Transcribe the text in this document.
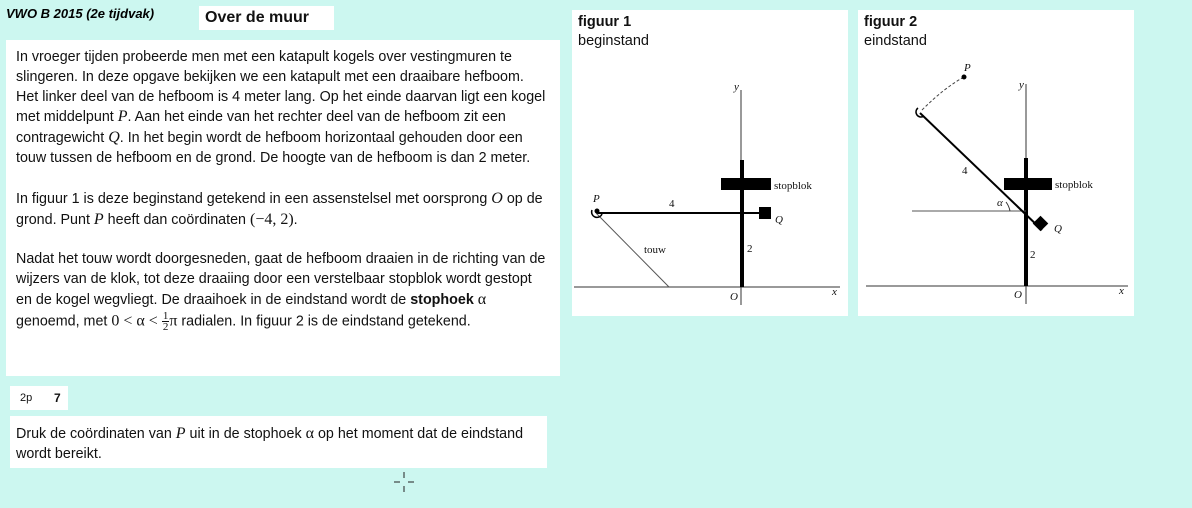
VWO B 2015 (2e tijdvak)	Over de muur

In vroeger tijden probeerde men met een katapult kogels over vestingmuren te slingeren. In deze opgave bekijken we een katapult met een draaibare hefboom. Het linker deel van de hefboom is 4 meter lang. Op het einde daarvan ligt een kogel met middelpunt P. Aan het einde van het rechter deel van de hefboom zit een contragewicht Q. In het begin wordt de hefboom horizontaal gehouden door een touw tussen de hefboom en de grond. De hoogte van de hefboom is dan 2 meter.

In figuur 1 is deze beginstand getekend in een assenstelsel met oorsprong O op de grond. Punt P heeft dan coördinaten (−4, 2).

Nadat het touw wordt doorgesneden, gaat de hefboom draaien in de richting van de wijzers van de klok, tot deze draaiing door een verstelbaar stopblok wordt gestopt en de kogel wegvliegt. De draaihoek in de eindstand wordt de stophoek α genoemd, met $0 < \alpha < \frac{1}{2}$ π radialen. In figuur 2 is de eindstand getekend.

2p 7
Druk de coördinaten van P uit in de stophoek α op het moment dat de eindstand wordt bereikt.
figuur 1
beginstand
y
x
O
P
Q
4
2
touw
stopblok
figuur 2
eindstand
y
x
O
P
Q
4
2
α
stopblok
